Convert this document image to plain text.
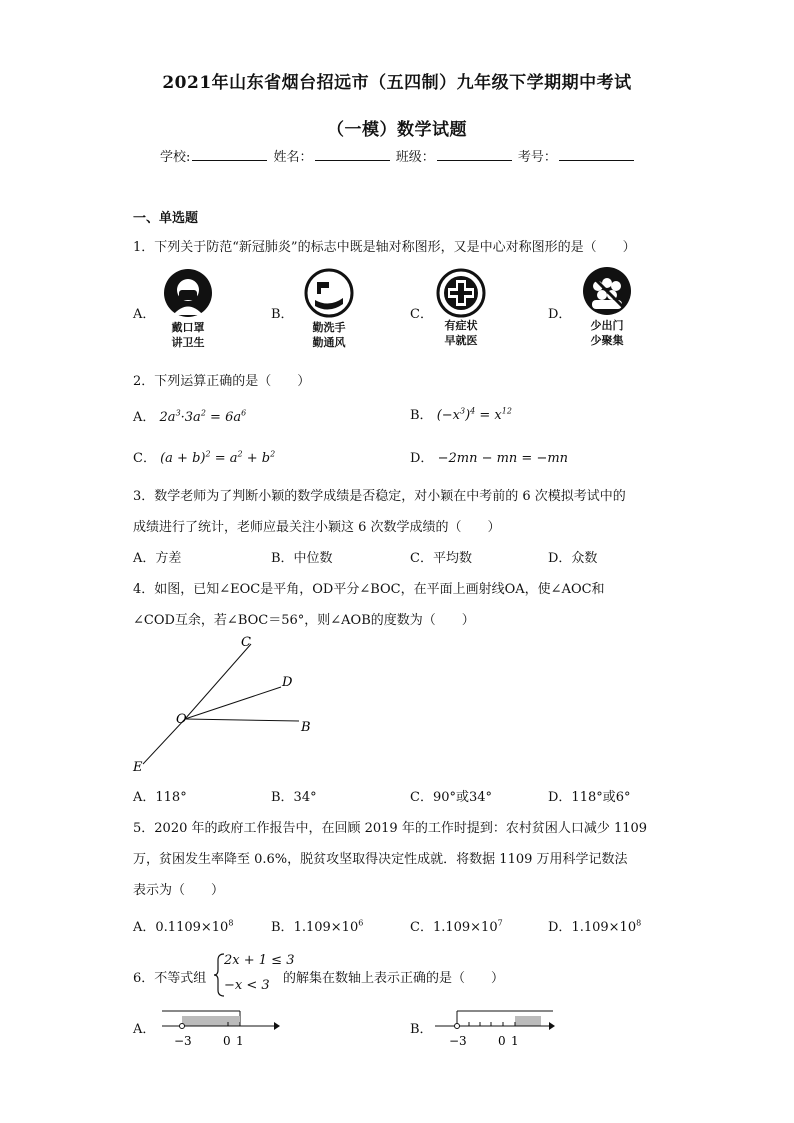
2021年山东省烟台招远市（五四制）九年级下学期期中考试
（一模）数学试题
学校:	姓名：	班级：	考号：
一、单选题
1．下列关于防范“新冠肺炎”的标志中既是轴对称图形，又是中心对称图形的是（　　）
A．
戴口罩
讲卫生
B．
勤洗手
勤通风
C．
有症状
早就医
D．
少出门
少聚集
2．下列运算正确的是（　　）
A． $2a^3\cdot 3a^2 = 6a^6$	B． $(-x^3)^4 = x^{12}$
C． $(a + b)^2 = a^2 + b^2$	D． −2mn − mn = −mn
3．数学老师为了判断小颖的数学成绩是否稳定，对小颖在中考前的 6 次模拟考试中的
成绩进行了统计，老师应最关注小颖这 6 次数学成绩的（　　）
A．方差	B．中位数	C．平均数	D．众数
4．如图，已知∠EOC是平角，OD平分∠BOC，在平面上画射线OA，使∠AOC和
∠COD互余，若∠BOC＝56°，则∠AOB的度数为（　　）
C
D
O
B
E
A．118°	B．34°	C．90°或34°	D．118°或6°
5．2020 年的政府工作报告中，在回顾 2019 年的工作时提到：农村贫困人口减少 1109
万，贫困发生率降至 0.6%，脱贫攻坚取得决定性成就．将数据 1109 万用科学记数法
表示为（　　）
A．$0.1109\times 10^8$	B．$1.109\times 10^6$	C．$1.109\times 10^7$	D．$1.109\times 10^8$
6．不等式组
2x + 1 ≤ 3
−x < 3 的解集在数轴上表示正确的是（　　）
A．
−3	0 1
B．
−3	0 1
